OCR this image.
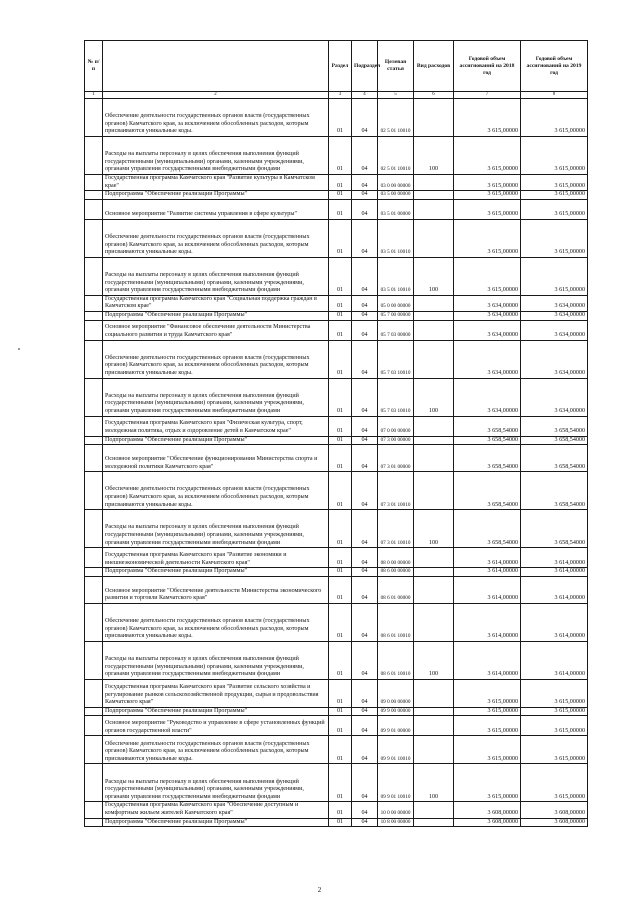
№ п/п		Раздел	Подраздел	Целевая статья	Вид расходов	Годовой объем ассигнований на 2018 год	Годовой объем ассигнований на 2019 год
1	2	3	4	5	6	7	8
	Обеспечение деятельности государственных органов власти (государственных органов) Камчатского края, за исключением обособленных расходов, которым присваиваются уникальные коды.	01	04	02 5 01 10010		3 615,00000	3 615,00000
	Расходы на выплаты персоналу в целях обеспечения выполнения функций государственными (муниципальными) органами, казенными учреждениями, органами управления государственными внебюджетными фондами	01	04	02 5 01 10010	100	3 615,00000	3 615,00000
	Государственная программа Камчатского края "Развитие культуры в Камчатском крае"	01	04	03 0 00 00000		3 615,00000	3 615,00000
	Подпрограмма "Обеспечение реализации Программы"	01	04	03 5 00 00000		3 615,00000	3 615,00000
	Основное мероприятие "Развитие системы управления в сфере культуры"	01	04	03 5 01 00000		3 615,00000	3 615,00000
	Обеспечение деятельности государственных органов власти (государственных органов) Камчатского края, за исключением обособленных расходов, которым присваиваются уникальные коды.	01	04	03 5 01 10010		3 615,00000	3 615,00000
	Расходы на выплаты персоналу в целях обеспечения выполнения функций государственными (муниципальными) органами, казенными учреждениями, органами управления государственными внебюджетными фондами	01	04	03 5 01 10010	100	3 615,00000	3 615,00000
	Государственная программа Камчатского края "Социальная поддержка граждан в Камчатском крае"	01	04	05 0 00 00000		3 634,00000	3 634,00000
	Подпрограмма "Обеспечение реализации Программы"	01	04	05 7 00 00000		3 634,00000	3 634,00000
	Основное мероприятие "Финансовое обеспечение деятельности Министерства социального развития и труда Камчатского края"	01	04	05 7 03 00000		3 634,00000	3 634,00000
	Обеспечение деятельности государственных органов власти (государственных органов) Камчатского края, за исключением обособленных расходов, которым присваиваются уникальные коды.	01	04	05 7 03 10010		3 634,00000	3 634,00000
	Расходы на выплаты персоналу в целях обеспечения выполнения функций государственными (муниципальными) органами, казенными учреждениями, органами управления государственными внебюджетными фондами	01	04	05 7 03 10010	100	3 634,00000	3 634,00000
	Государственная программа Камчатского края "Физическая культура, спорт, молодежная политика, отдых и оздоровление детей в Камчатском крае"	01	04	07 0 00 00000		3 658,54000	3 658,54000
	Подпрограмма "Обеспечение реализации Программы"	01	04	07 3 00 00000		3 658,54000	3 658,54000
	Основное мероприятие "Обеспечение функционирования Министерства спорта и молодежной политики Камчатского края"	01	04	07 3 01 00000		3 658,54000	3 658,54000
	Обеспечение деятельности государственных органов власти (государственных органов) Камчатского края, за исключением обособленных расходов, которым присваиваются уникальные коды.	01	04	07 3 01 10010		3 658,54000	3 658,54000
	Расходы на выплаты персоналу в целях обеспечения выполнения функций государственными (муниципальными) органами, казенными учреждениями, органами управления государственными внебюджетными фондами	01	04	07 3 01 10010	100	3 658,54000	3 658,54000
	Государственная программа Камчатского края "Развитие экономики и внешнеэкономической деятельности Камчатского края"	01	04	08 0 00 00000		3 614,00000	3 614,00000
	Подпрограмма "Обеспечение реализации Программы"	01	04	08 6 00 00000		3 614,00000	3 614,00000
	Основное мероприятие "Обеспечение деятельности Министерства экономического развития и торговли Камчатского края"	01	04	08 6 01 00000		3 614,00000	3 614,00000
	Обеспечение деятельности государственных органов власти (государственных органов) Камчатского края, за исключением обособленных расходов, которым присваиваются уникальные коды.	01	04	08 6 01 10010		3 614,00000	3 614,00000
	Расходы на выплаты персоналу в целях обеспечения выполнения функций государственными (муниципальными) органами, казенными учреждениями, органами управления государственными внебюджетными фондами	01	04	08 6 01 10010	100	3 614,00000	3 614,00000
	Государственная программа Камчатского края "Развитие сельского хозяйства и регулирование рынков сельскохозяйственной продукции, сырья и продовольствия Камчатского края"	01	04	09 0 00 00000		3 615,00000	3 615,00000
	Подпрограмма "Обеспечение реализации Программы"	01	04	09 9 00 00000		3 615,00000	3 615,00000
	Основное мероприятие "Руководство и управление в сфере установленных функций органов государственной власти"	01	04	09 9 01 00000		3 615,00000	3 615,00000
	Обеспечение деятельности государственных органов власти (государственных органов) Камчатского края, за исключением обособленных расходов, которым присваиваются уникальные коды.	01	04	09 9 01 10010		3 615,00000	3 615,00000
	Расходы на выплаты персоналу в целях обеспечения выполнения функций государственными (муниципальными) органами, казенными учреждениями, органами управления государственными внебюджетными фондами	01	04	09 9 01 10010	100	3 615,00000	3 615,00000
	Государственная программа Камчатского края "Обеспечение доступным и комфортным жильем жителей Камчатского края"	01	04	10 0 00 00000		3 608,00000	3 608,00000
	Подпрограмма "Обеспечение реализации Программы"	01	04	10 8 00 00000		3 608,00000	3 608,00000
2
